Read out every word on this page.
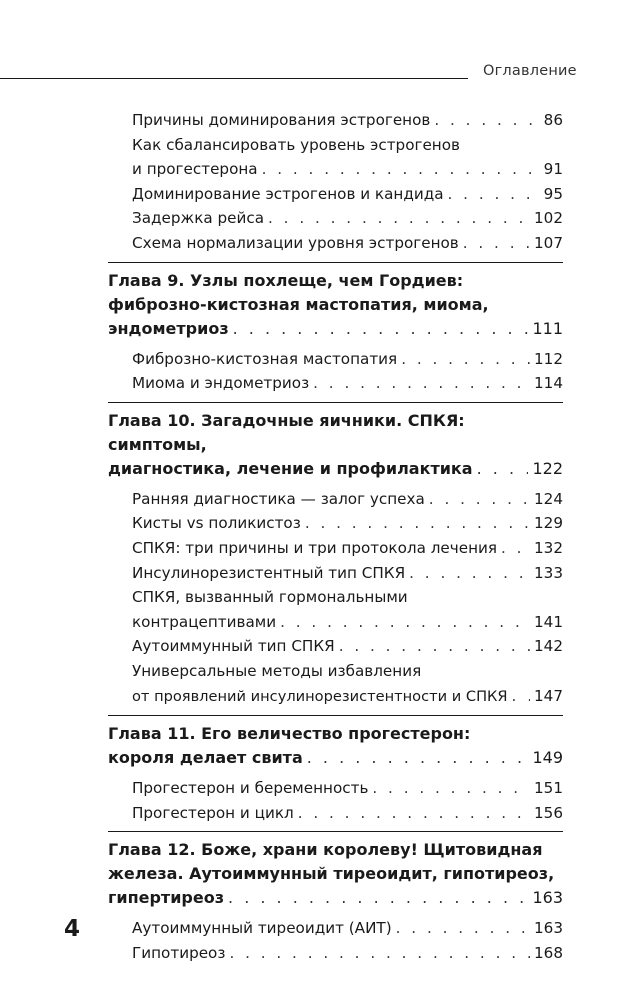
Оглавление
Причины доминирования эстрогенов . . .	86
Как сбалансировать уровень эстрогенов
и прогестерона . . .	91
Доминирование эстрогенов и кандида . . .	95
Задержка рейса . . .	102
Схема нормализации уровня эстрогенов . . .	107
Глава 9. Узлы похлеще, чем Гордиев:
фиброзно-кистозная мастопатия, миома,
эндометриоз . . .	111
Фиброзно-кистозная мастопатия . . .	112
Миома и эндометриоз . . .	114
Глава 10. Загадочные яичники. СПКЯ: симптомы,
диагностика, лечение и профилактика . . .	122
Ранняя диагностика — залог успеха . . .	124
Кисты vs поликистоз . . .	129
СПКЯ: три причины и три протокола лечения . . . 132
Инсулинорезистентный тип СПКЯ . . .	133
СПКЯ, вызванный гормональными
контрацептивами . . .	141
Аутоиммунный тип СПКЯ . . .	142
Универсальные методы избавления
от проявлений инсулинорезистентности и СПКЯ . . . 147
Глава 11. Его величество прогестерон:
короля делает свита . . .	149
Прогестерон и беременность . . .	151
Прогестерон и цикл . . .	156
Глава 12. Боже, храни королеву! Щитовидная
железа. Аутоиммунный тиреоидит, гипотиреоз,
гипертиреоз . . .	163
Аутоиммунный тиреоидит (АИТ) . . .	163
Гипотиреоз . . .	168
4
